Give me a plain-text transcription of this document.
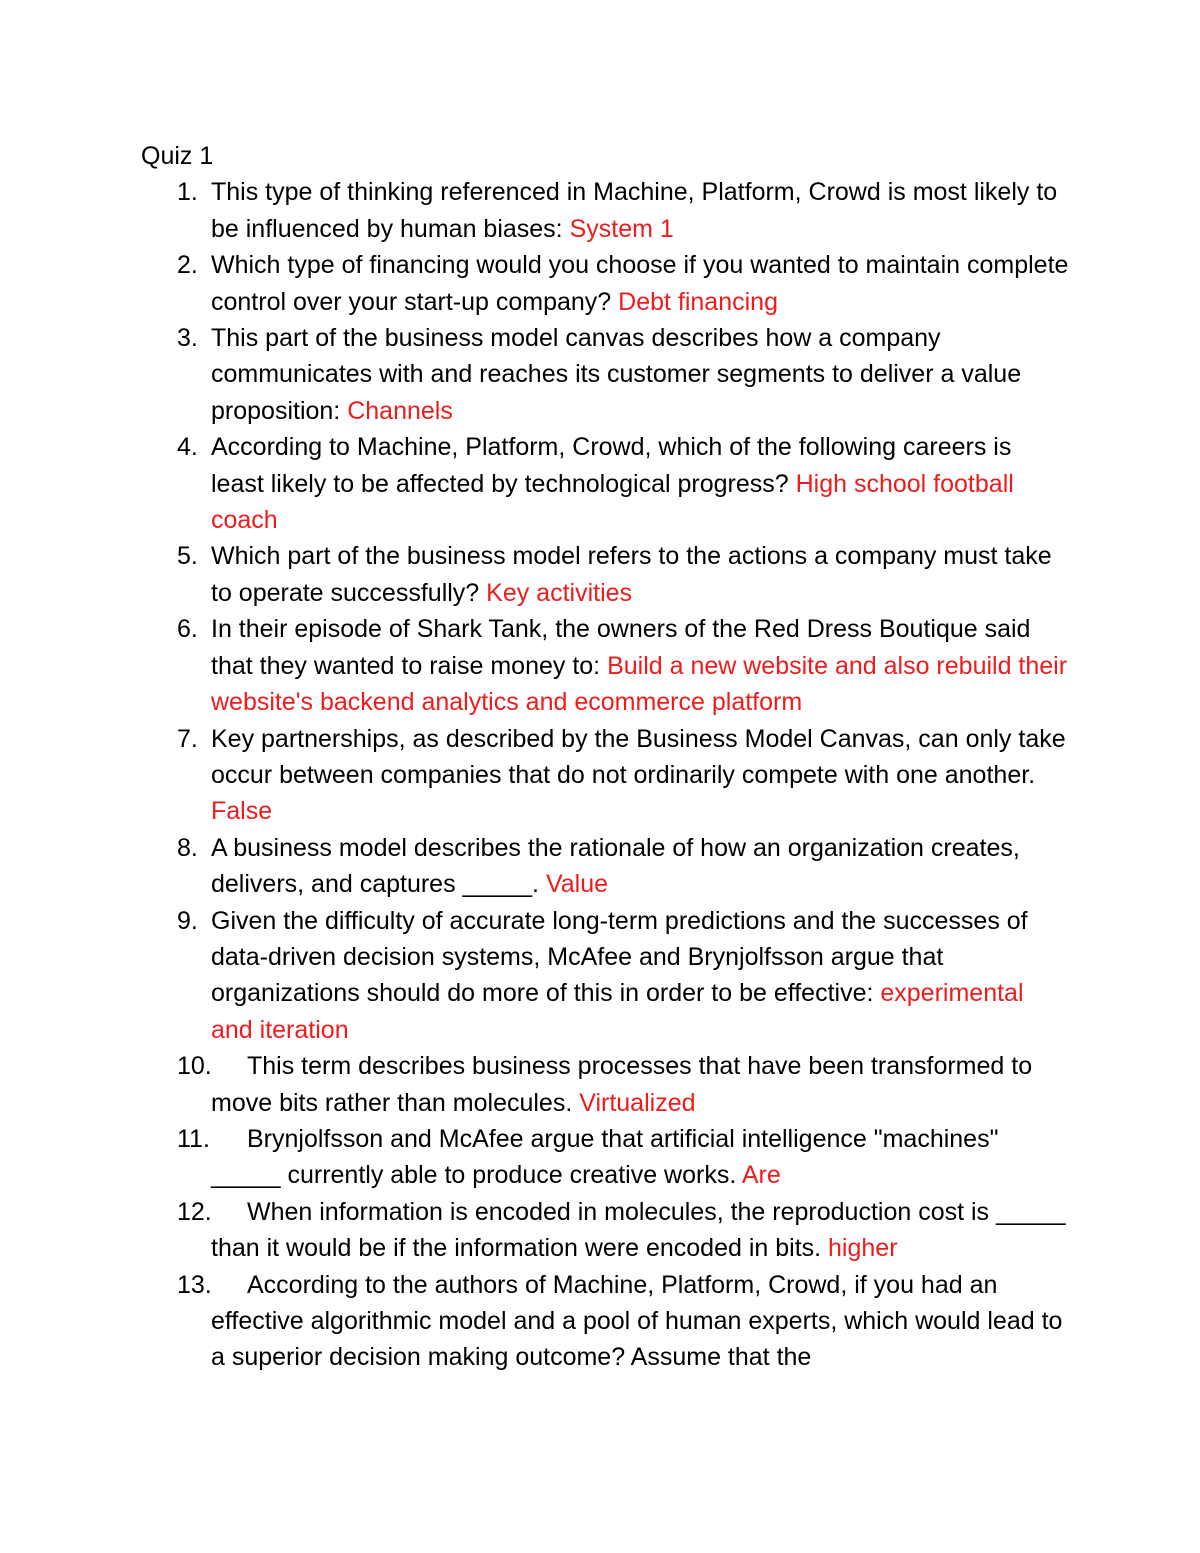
Quiz 1
1. This type of thinking referenced in Machine, Platform, Crowd is most likely to be influenced by human biases: System 1
2. Which type of financing would you choose if you wanted to maintain complete control over your start-up company? Debt financing
3. This part of the business model canvas describes how a company communicates with and reaches its customer segments to deliver a value proposition: Channels
4. According to Machine, Platform, Crowd, which of the following careers is least likely to be affected by technological progress? High school football coach
5. Which part of the business model refers to the actions a company must take to operate successfully? Key activities
6. In their episode of Shark Tank, the owners of the Red Dress Boutique said that they wanted to raise money to: Build a new website and also rebuild their website's backend analytics and ecommerce platform
7. Key partnerships, as described by the Business Model Canvas, can only take occur between companies that do not ordinarily compete with one another. False
8. A business model describes the rationale of how an organization creates, delivers, and captures _____. Value
9. Given the difficulty of accurate long-term predictions and the successes of data-driven decision systems, McAfee and Brynjolfsson argue that organizations should do more of this in order to be effective: experimental and iteration
10.	This term describes business processes that have been transformed to move bits rather than molecules. Virtualized
11.	Brynjolfsson and McAfee argue that artificial intelligence "machines" _____ currently able to produce creative works. Are
12.	When information is encoded in molecules, the reproduction cost is _____ than it would be if the information were encoded in bits. higher
13.	According to the authors of Machine, Platform, Crowd, if you had an effective algorithmic model and a pool of human experts, which would lead to a superior decision making outcome? Assume that the
